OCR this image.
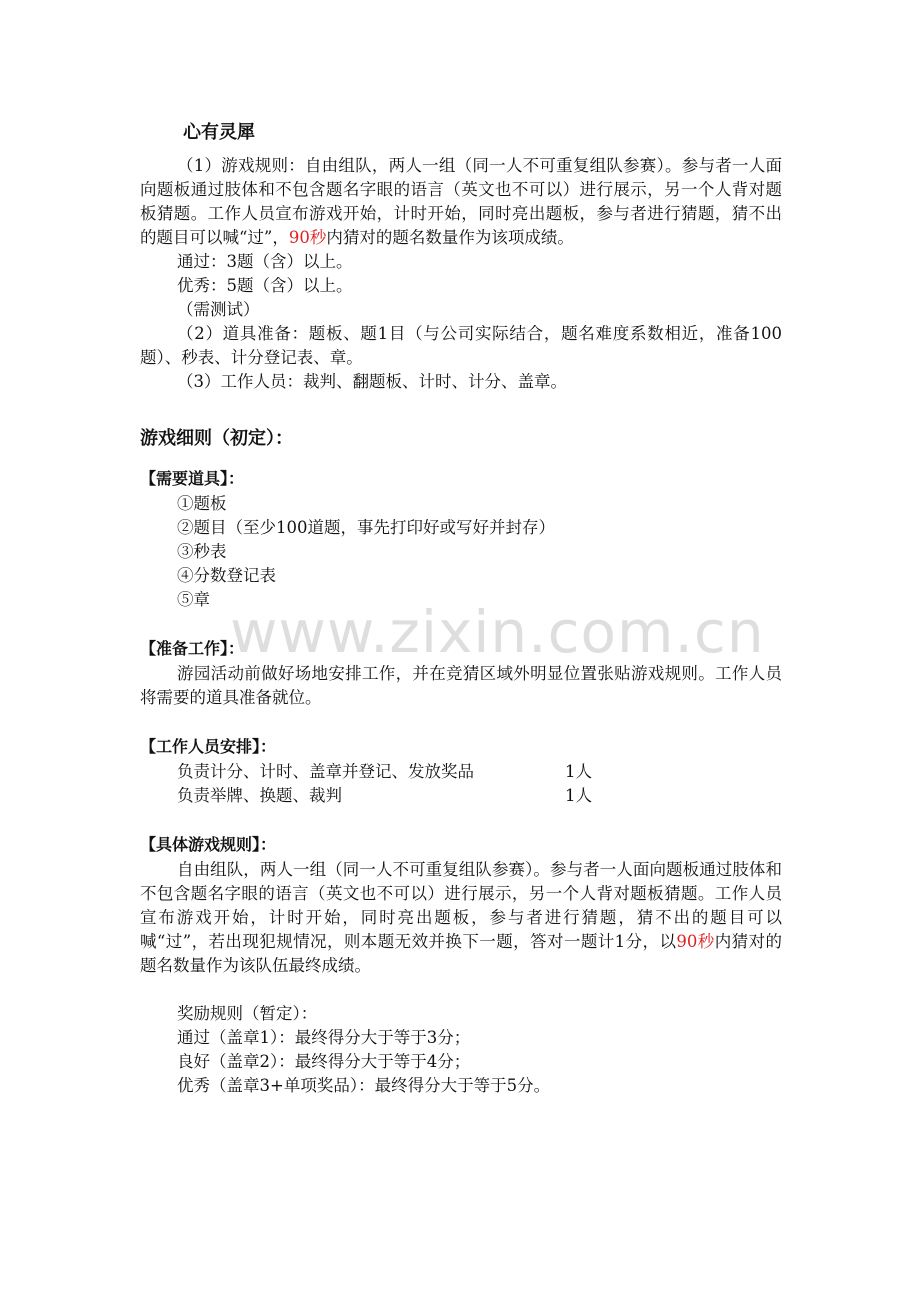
心有灵犀

（1）游戏规则：自由组队，两人一组（同一人不可重复组队参赛）。参与者一人面向题板通过肢体和不包含题名字眼的语言（英文也不可以）进行展示，另一个人背对题板猜题。工作人员宣布游戏开始，计时开始，同时亮出题板，参与者进行猜题，猜不出的题目可以喊“过”，90秒内猜对的题名数量作为该项成绩。

通过：3题（含）以上。

优秀：5题（含）以上。

（需测试）

（2）道具准备：题板、题1目（与公司实际结合，题名难度系数相近，准备100题）、秒表、计分登记表、章。

（3）工作人员：裁判、翻题板、计时、计分、盖章。

游戏细则（初定）：
【需要道具】：

①题板

②题目（至少100道题，事先打印好或写好并封存）

③秒表

④分数登记表

⑤章

【准备工作】：

游园活动前做好场地安排工作，并在竞猜区域外明显位置张贴游戏规则。工作人员将需要的道具准备就位。

【工作人员安排】：
负责计分、计时、盖章并登记、发放奖品	1人
负责举牌、换题、裁判	1人
【具体游戏规则】：

自由组队，两人一组（同一人不可重复组队参赛）。参与者一人面向题板通过肢体和不包含题名字眼的语言（英文也不可以）进行展示，另一个人背对题板猜题。工作人员宣布游戏开始，计时开始，同时亮出题板，参与者进行猜题，猜不出的题目可以喊“过”，若出现犯规情况，则本题无效并换下一题，答对一题计1分，以90秒内猜对的题名数量作为该队伍最终成绩。

奖励规则（暂定）：

通过（盖章1）：最终得分大于等于3分；

良好（盖章2）：最终得分大于等于4分；

优秀（盖章3+单项奖品）：最终得分大于等于5分。

www.zixin.com.cn
